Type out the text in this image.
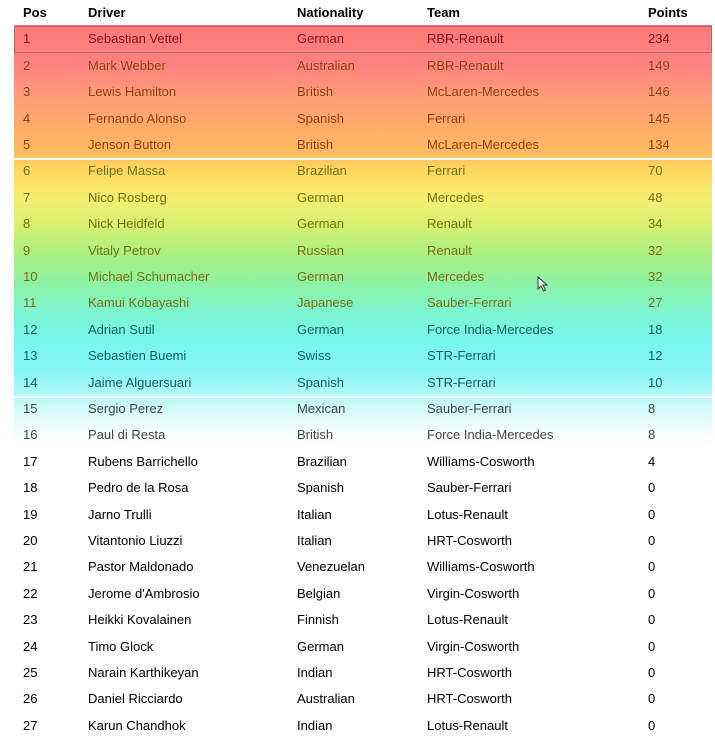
Pos	Driver	Nationality	Team	Points
1	Sebastian Vettel	German	RBR-Renault	234
2	Mark Webber	Australian	RBR-Renault	149
3	Lewis Hamilton	British	McLaren-Mercedes	146
4	Fernando Alonso	Spanish	Ferrari	145
5	Jenson Button	British	McLaren-Mercedes	134
6	Felipe Massa	Brazilian	Ferrari	70
7	Nico Rosberg	German	Mercedes	48
8	Nick Heidfeld	German	Renault	34
9	Vitaly Petrov	Russian	Renault	32
10	Michael Schumacher	German	Mercedes	32
11	Kamui Kobayashi	Japanese	Sauber-Ferrari	27
12	Adrian Sutil	German	Force India-Mercedes	18
13	Sebastien Buemi	Swiss	STR-Ferrari	12
14	Jaime Alguersuari	Spanish	STR-Ferrari	10
15	Sergio Perez	Mexican	Sauber-Ferrari	8
16	Paul di Resta	British	Force India-Mercedes	8
17	Rubens Barrichello	Brazilian	Williams-Cosworth	4
18	Pedro de la Rosa	Spanish	Sauber-Ferrari	0
19	Jarno Trulli	Italian	Lotus-Renault	0
20	Vitantonio Liuzzi	Italian	HRT-Cosworth	0
21	Pastor Maldonado	Venezuelan	Williams-Cosworth	0
22	Jerome d'Ambrosio	Belgian	Virgin-Cosworth	0
23	Heikki Kovalainen	Finnish	Lotus-Renault	0
24	Timo Glock	German	Virgin-Cosworth	0
25	Narain Karthikeyan	Indian	HRT-Cosworth	0
26	Daniel Ricciardo	Australian	HRT-Cosworth	0
27	Karun Chandhok	Indian	Lotus-Renault	0
